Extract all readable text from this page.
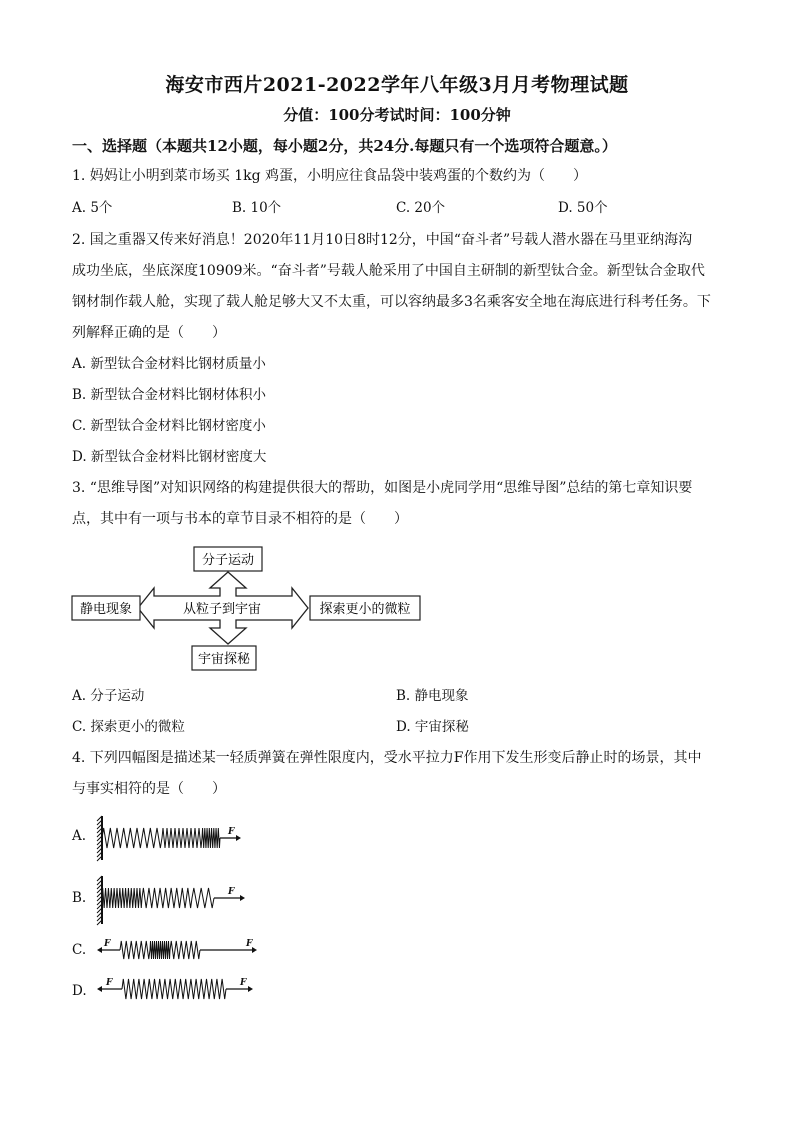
海安市西片2021-2022学年八年级3月月考物理试题
分值：100分考试时间：100分钟
一、选择题（本题共12小题，每小题2分，共24分.每题只有一个选项符合题意。）
1. 妈妈让小明到菜市场买 1kg 鸡蛋，小明应往食品袋中装鸡蛋的个数约为（　　）
A. 5个	B. 10个	C. 20个	D. 50个
2. 国之重器又传来好消息！2020年11月10日8时12分，中国“奋斗者”号载人潜水器在马里亚纳海沟
成功坐底，坐底深度10909米。“奋斗者”号载人舱采用了中国自主研制的新型钛合金。新型钛合金取代
钢材制作载人舱，实现了载人舱足够大又不太重，可以容纳最多3名乘客安全地在海底进行科考任务。下
列解释正确的是（　　）
A. 新型钛合金材料比钢材质量小
B. 新型钛合金材料比钢材体积小
C. 新型钛合金材料比钢材密度小
D. 新型钛合金材料比钢材密度大
3. “思维导图”对知识网络的构建提供很大的帮助，如图是小虎同学用“思维导图”总结的第七章知识要
点，其中有一项与书本的章节目录不相符的是（　　）
从粒子到宇宙
分子运动
静电现象	探索更小的微粒
宇宙探秘
A. 分子运动	B. 静电现象
C. 探索更小的微粒	D. 宇宙探秘
4. 下列四幅图是描述某一轻质弹簧在弹性限度内，受水平拉力F作用下发生形变后静止时的场景，其中
与事实相符的是（　　）
A.
B.
C.
D.
F
F
F	F
F	F
